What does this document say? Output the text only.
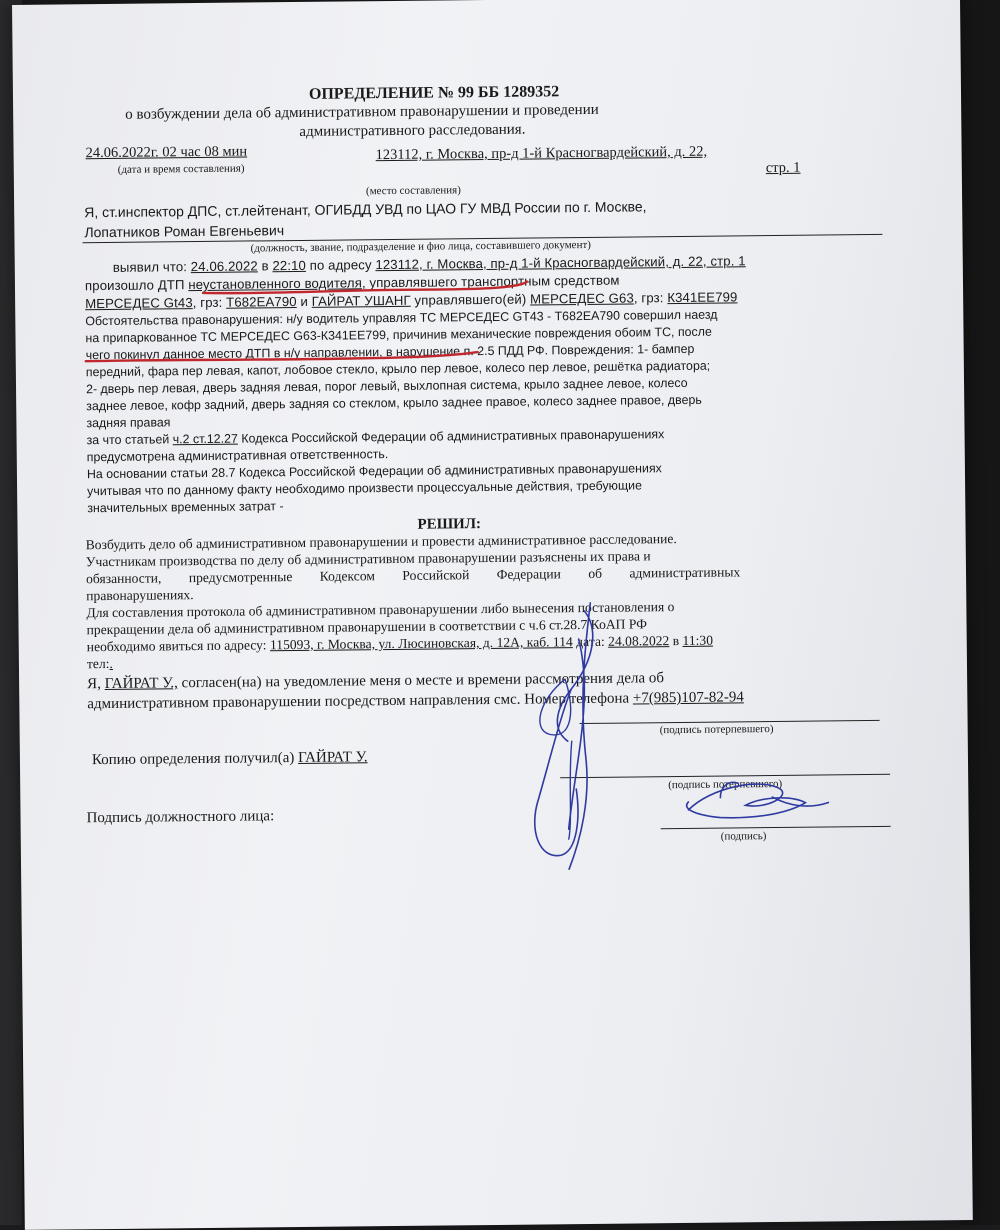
ОПРЕДЕЛЕНИЕ № 99 ББ 1289352
о возбуждении дела об административном правонарушении и проведении
административного расследования.
24.06.2022г. 02 час 08 мин
(дата и время составления)
123112, г. Москва, пр-д 1-й Красногвардейский, д. 22,
стр. 1
(место составления)
Я, ст.инспектор ДПС, ст.лейтенант, ОГИБДД УВД по ЦАО ГУ МВД России по г. Москве,
Лопатников Роман Евгеньевич
(должность, звание, подразделение и фио лица, составившего документ)
выявил что: 24.06.2022 в 22:10 по адресу 123112, г. Москва, пр-д 1-й Красногвардейский, д. 22, стр. 1
произошло ДТП неустановленного водителя, управлявшего транспортным средством
МЕРСЕДЕС Gt43, грз: Т682ЕА790 и ГАЙРАТ УШАНГ управлявшего(ей) МЕРСЕДЕС G63, грз: К341ЕЕ799
Обстоятельства правонарушения: н/у водитель управляя ТС МЕРСЕДЕС GT43 - Т682ЕА790 совершил наезд
на припаркованное ТС МЕРСЕДЕС G63-К341ЕЕ799, причинив механические повреждения обоим ТС, после
чего покинул данное место ДТП в н/у направлении, в нарушение п. 2.5 ПДД РФ. Повреждения: 1- бампер
передний, фара пер левая, капот, лобовое стекло, крыло пер левое, колесо пер левое, решётка радиатора;
2- дверь пер левая, дверь задняя левая, порог левый, выхлопная система, крыло заднее левое, колесо
заднее левое, кофр задний, дверь задняя со стеклом, крыло заднее правое, колесо заднее правое, дверь
задняя правая
за что статьей ч.2 ст.12.27 Кодекса Российской Федерации об административных правонарушениях
предусмотрена административная ответственность.
На основании статьи 28.7 Кодекса Российской Федерации об административных правонарушениях
учитывая что по данному факту необходимо произвести процессуальные действия, требующие
значительных временных затрат -
РЕШИЛ:
Возбудить дело об административном правонарушении и провести административное расследование.
Участникам производства по делу об административном правонарушении разъяснены их права и
обязанности, предусмотренные Кодексом Российской Федерации об административных
правонарушениях.
Для составления протокола об административном правонарушении либо вынесения постановления о
прекращении дела об административном правонарушении в соответствии с ч.6 ст.28.7 КоАП РФ
необходимо явиться по адресу: 115093, г. Москва, ул. Люсиновская, д. 12А, каб. 114 дата: 24.08.2022 в 11:30
тел:.
Я, ГАЙРАТ У., согласен(на) на уведомление меня о месте и времени рассмотрения дела об
административном правонарушении посредством направления смс. Номер телефона +7(985)107-82-94
(подпись потерпевшего)
Копию определения получил(а) ГАЙРАТ У.
(подпись потерпевшего)
Подпись должностного лица:
(подпись)
